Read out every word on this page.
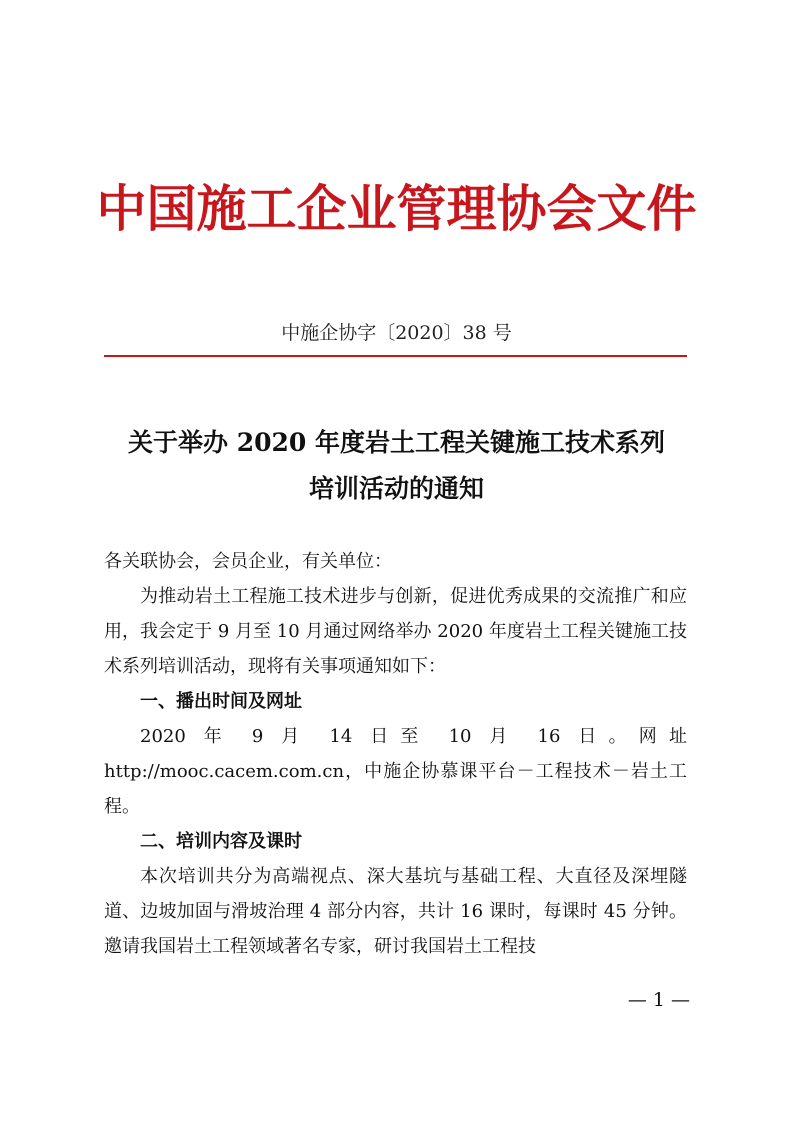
中国施工企业管理协会文件
中施企协字〔2020〕38 号
关于举办 2020 年度岩土工程关键施工技术系列
培训活动的通知

各关联协会，会员企业，有关单位：

为推动岩土工程施工技术进步与创新，促进优秀成果的交流推广和应用，我会定于 9 月至 10 月通过网络举办 2020 年度岩土工程关键施工技术系列培训活动，现将有关事项通知如下：

一、播出时间及网址

2020 年 9 月 14 日至 10 月 16 日。网址 http://mooc.cacem.com.cn，中施企协慕课平台－工程技术－岩土工程。

二、培训内容及课时

本次培训共分为高端视点、深大基坑与基础工程、大直径及深埋隧道、边坡加固与滑坡治理 4 部分内容，共计 16 课时，每课时 45 分钟。邀请我国岩土工程领域著名专家，研讨我国岩土工程技

— 1 —
